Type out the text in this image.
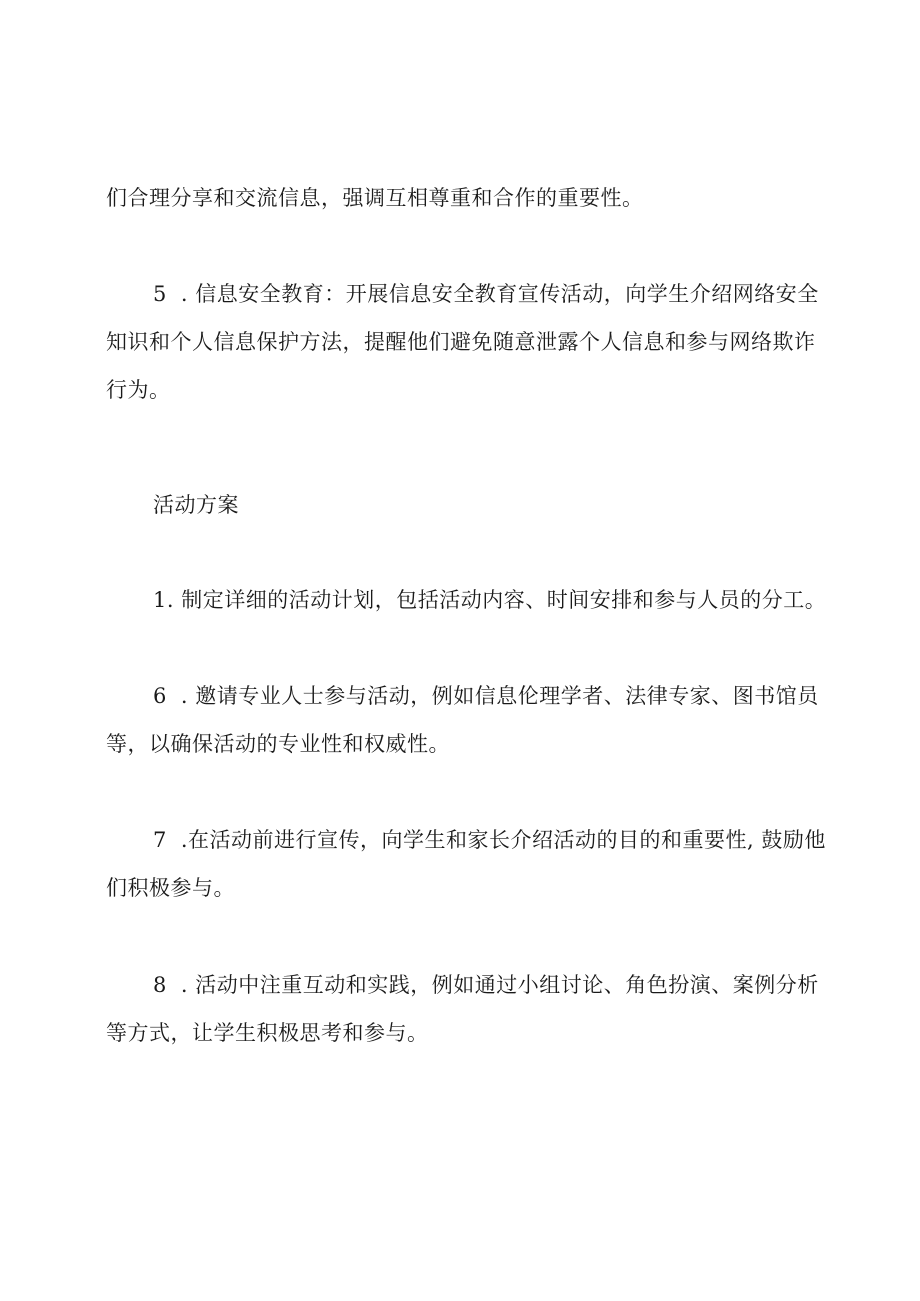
们合理分享和交流信息，强调互相尊重和合作的重要性。

5 . 信息安全教育：开展信息安全教育宣传活动，向学生介绍网络安全
知识和个人信息保护方法，提醒他们避免随意泄露个人信息和参与网络欺诈
行为。

活动方案

1. 制定详细的活动计划，包括活动内容、时间安排和参与人员的分工。

6 . 邀请专业人士参与活动，例如信息伦理学者、法律专家、图书馆员
等，以确保活动的专业性和权威性。

7 .在活动前进行宣传，向学生和家长介绍活动的目的和重要性, 鼓励他
们积极参与。

8 . 活动中注重互动和实践，例如通过小组讨论、角色扮演、案例分析
等方式，让学生积极思考和参与。
